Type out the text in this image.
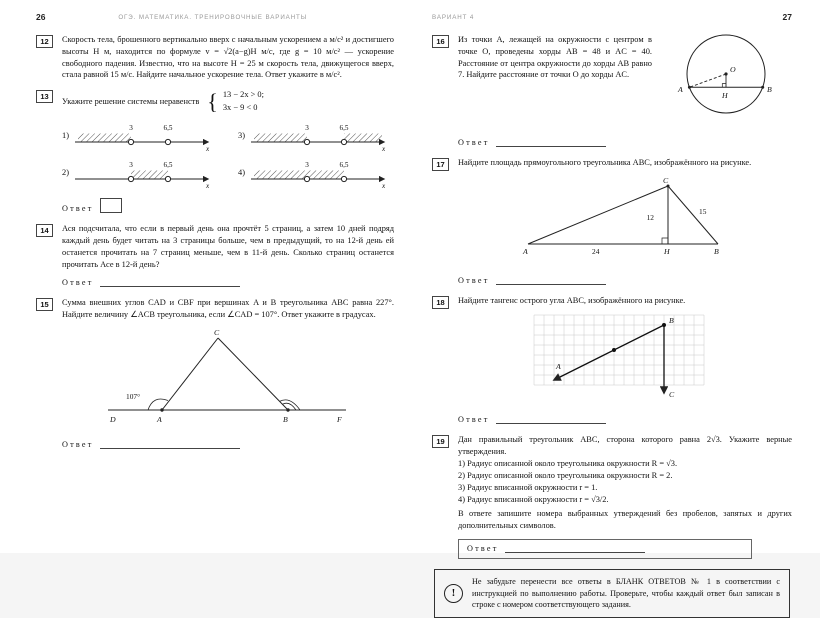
26	ОГЭ. МАТЕМАТИКА. ТРЕНИРОВОЧНЫЕ ВАРИАНТЫ
12	Скорость тела, брошенного вертикально вверх с начальным ускорением a м/с² и достигшего высоты H м, находится по формуле v = √2(a−g)H м/с, где g = 10 м/с² — ускорение свободного падения. Известно, что на высоте H = 25 м скорость тела, движущегося вверх, стала равной 15 м/с. Найдите начальное ускорение тела. Ответ укажите в м/с².
13
Укажите решение системы неравенств { 13 − 2x > 0;
3x − 9 < 0
1)
3	6,5
x
3)
3	6,5
x
2)
3	6,5
x
4)
3	6,5
x
Ответ
14	Ася подсчитала, что если в первый день она прочтёт 5 страниц, а затем 10 дней подряд каждый день будет читать на 3 страницы больше, чем в предыдущий, то на 12-й день ей останется прочитать на 7 страниц меньше, чем в 11-й день. Сколько страниц останется прочитать Асе в 12-й день?
Ответ
15	Сумма внешних углов CAD и CBF при вершинах A и B треугольника ABC равна 227°. Найдите величину ∠ACB треугольника, если ∠CAD = 107°. Ответ укажите в градусах.
107°
C
D	A	B	F
Ответ
ВАРИАНТ 4	27
16
O
A
H
B
Из точки A, лежащей на окружности с центром в точке O, проведены хорды AB = 48 и AC = 40. Расстояние от центра окружности до хорды AB равно 7. Найдите расстояние от точки O до хорды AC.
Ответ
17	Найдите площадь прямоугольного треугольника ABC, изображённого на рисунке.
A	H	B
C
24
12
15
Ответ
18	Найдите тангенс острого угла ABC, изображённого на рисунке.
A
B
C
Ответ
19	Дан правильный треугольник ABC, сторона которого равна 2√3. Укажите верные утверждения.
1) Радиус описанной около треугольника окружности R = √3.
2) Радиус описанной около треугольника окружности R = 2.
3) Радиус вписанной окружности r = 1.
4) Радиус вписанной окружности r = √3/2.
В ответе запишите номера выбранных утверждений без пробелов, запятых и других дополнительных символов.
Ответ
!
Не забудьте перенести все ответы в БЛАНК ОТВЕТОВ № 1 в соответствии с инструкцией по выполнению работы. Проверьте, чтобы каждый ответ был записан в строке с номером соответствующего задания.
